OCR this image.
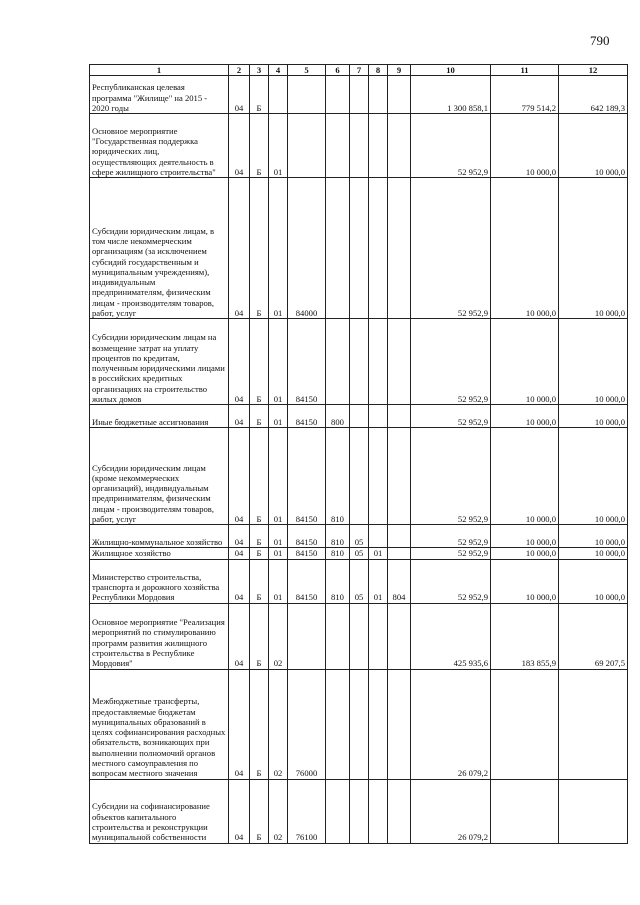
790
1	2	3	4	5	6	7	8	9	10	11	12
Республиканская целевая программа "Жилище" на 2015 - 2020 годы	04	Б							1 300 858,1	779 514,2	642 189,3
Основное мероприятие "Государственная поддержка юридических лиц, осуществляющих деятельность в сфере жилищного строительства"	04	Б	01						52 952,9	10 000,0	10 000,0
Субсидии юридическим лицам, в том числе некоммерческим организациям (за исключением субсидий государственным и муниципальным учреждениям), индивидуальным предпринимателям, физическим лицам - производителям товаров, работ, услуг	04	Б	01	84000					52 952,9	10 000,0	10 000,0
Субсидии юридическим лицам на возмещение затрат на уплату процентов по кредитам, полученным юридическими лицами в российских кредитных организациях на строительство жилых домов	04	Б	01	84150					52 952,9	10 000,0	10 000,0
Иные бюджетные ассигнования	04	Б	01	84150	800				52 952,9	10 000,0	10 000,0
Субсидии юридическим лицам (кроме некоммерческих организаций), индивидуальным предпринимателям, физическим лицам - производителям товаров, работ, услуг	04	Б	01	84150	810				52 952,9	10 000,0	10 000,0
Жилищно-коммунальное хозяйство	04	Б	01	84150	810	05			52 952,9	10 000,0	10 000,0
Жилищное хозяйство	04	Б	01	84150	810	05	01		52 952,9	10 000,0	10 000,0
Министерство строительства, транспорта и дорожного хозяйства Республики Мордовия	04	Б	01	84150	810	05	01	804	52 952,9	10 000,0	10 000,0
Основное мероприятие "Реализация мероприятий по стимулированию программ развития жилищного строительства в Республике Мордовия"	04	Б	02						425 935,6	183 855,9	69 207,5
Межбюджетные трансферты, предоставляемые бюджетам муниципальных образований в целях софинансирования расходных обязательств, возникающих при выполнении полномочий органов местного самоуправления по вопросам местного значения	04	Б	02	76000					26 079,2		
Субсидии на софинансирование объектов капитального строительства и реконструкции муниципальной собственности	04	Б	02	76100					26 079,2		
